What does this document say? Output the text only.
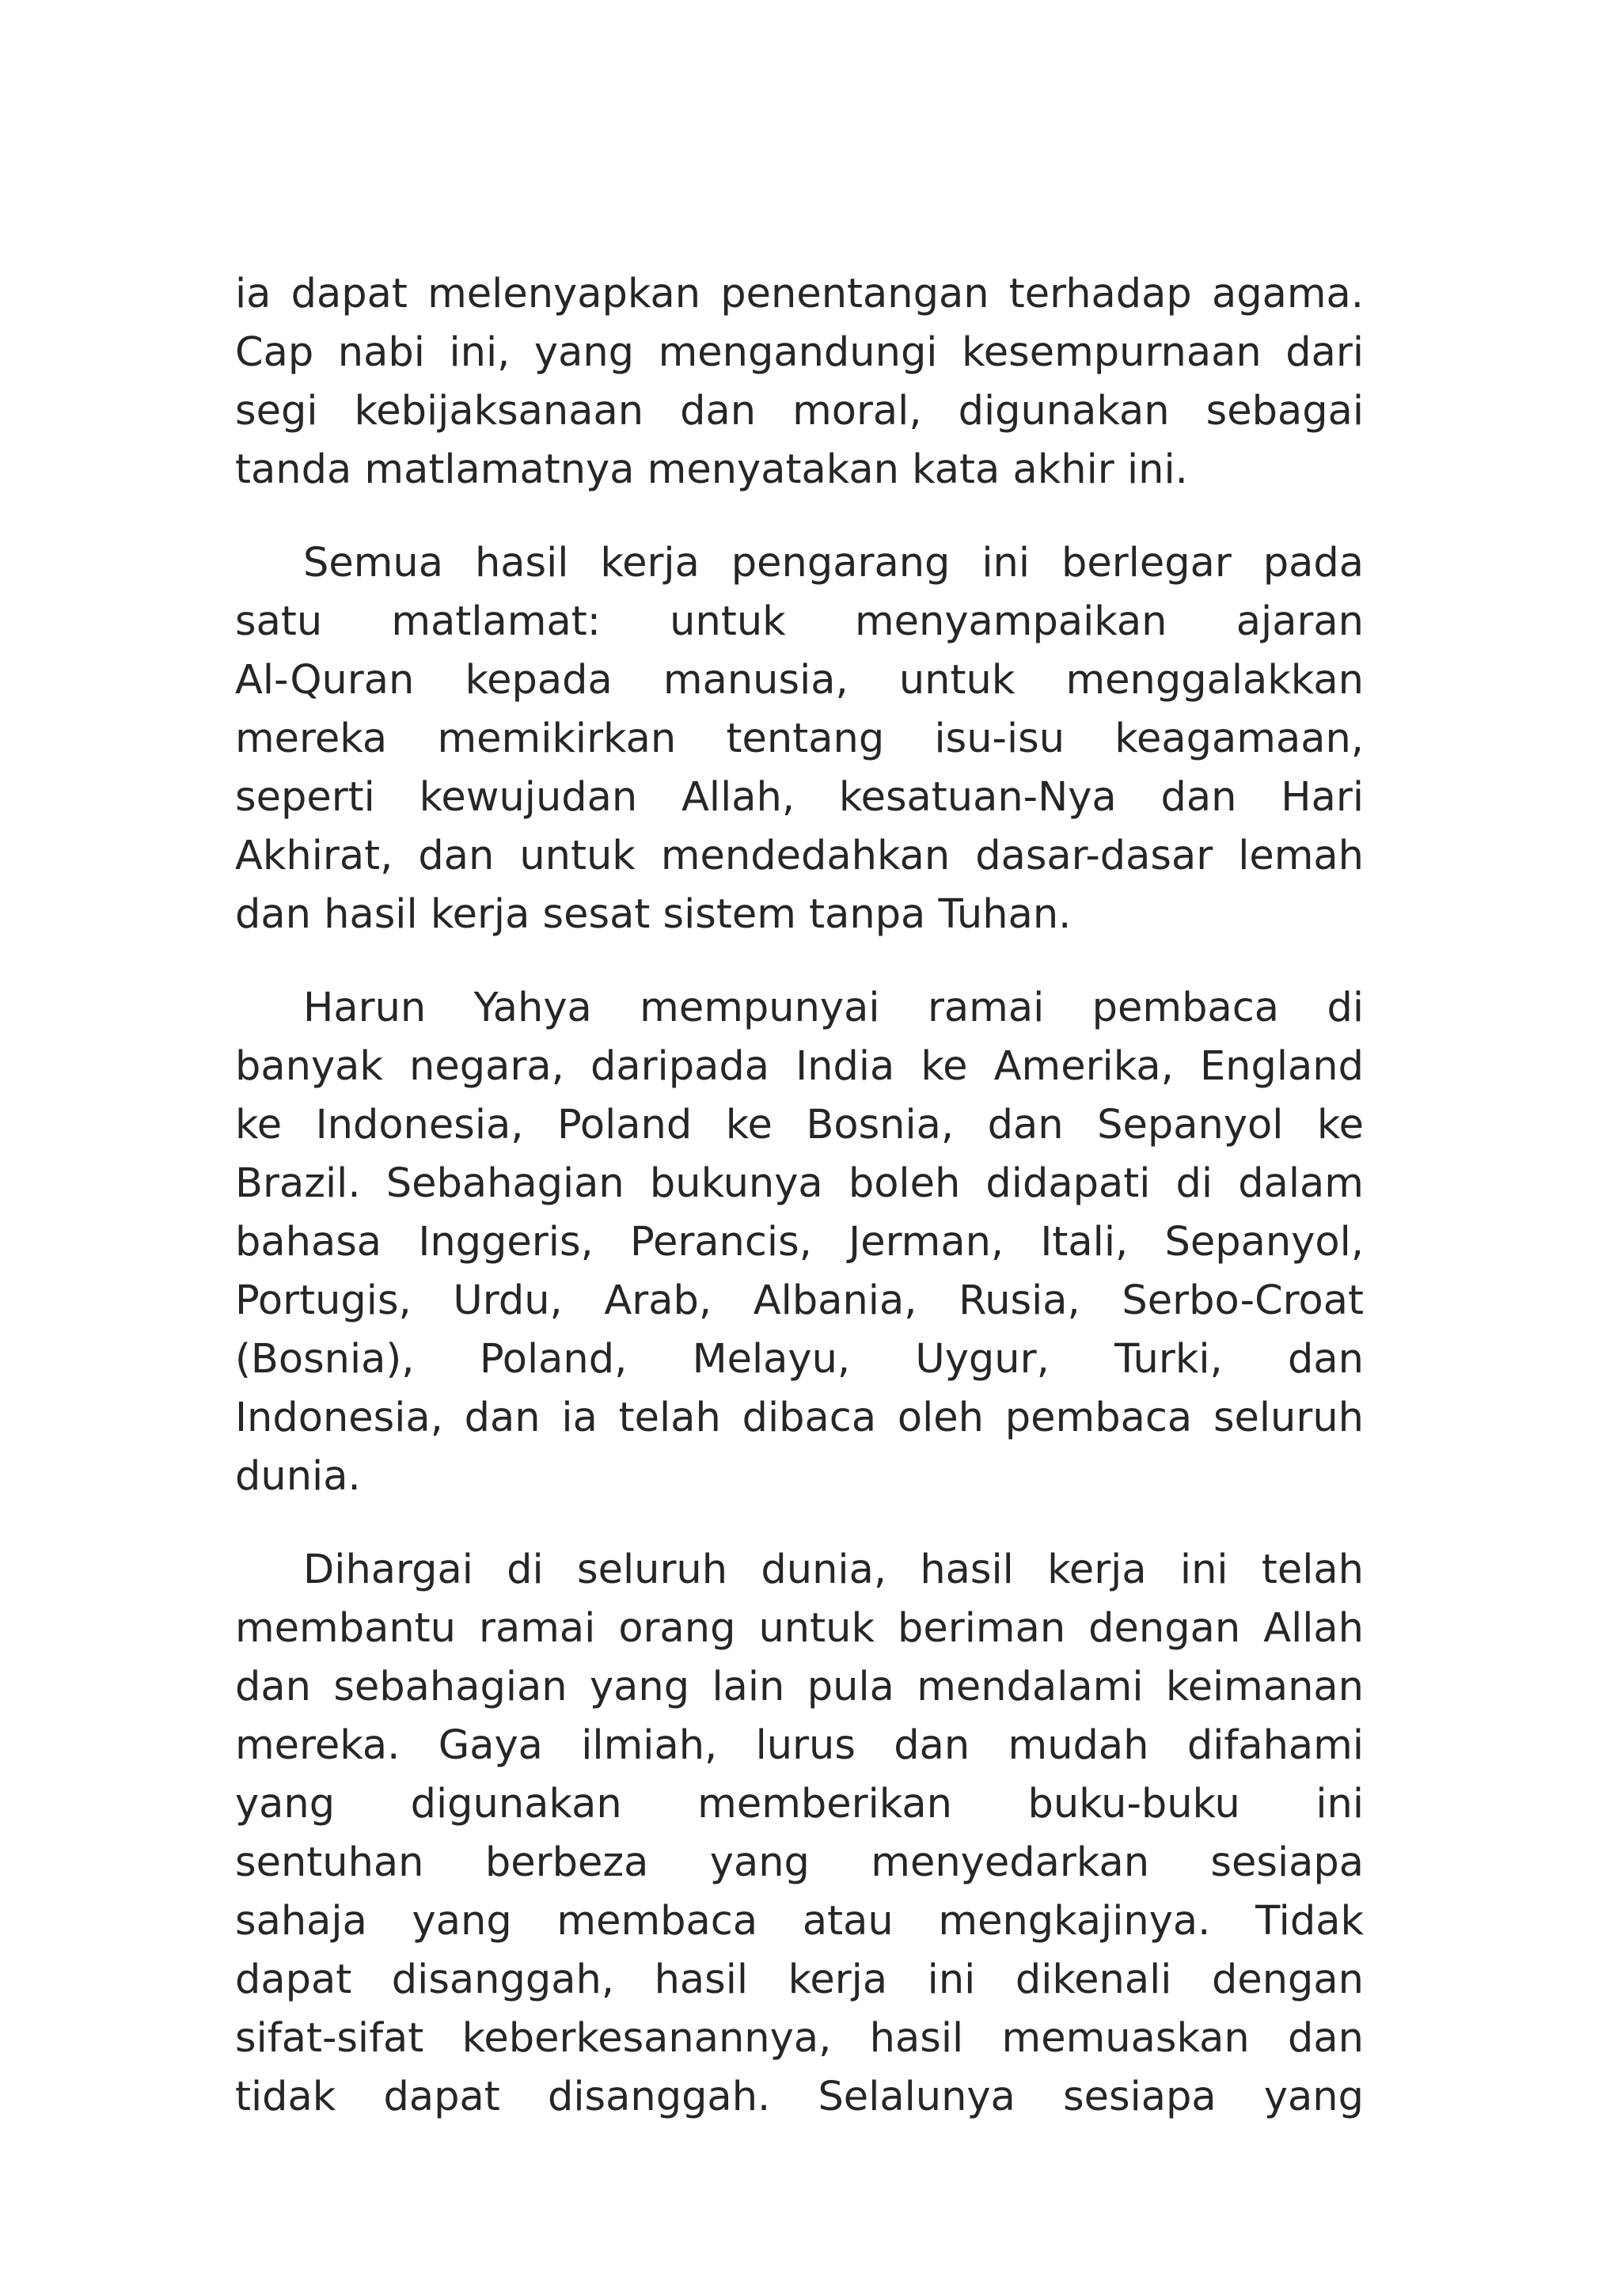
ia dapat melenyapkan penentangan terhadap agama.
Cap nabi ini, yang mengandungi kesempurnaan dari
segi kebijaksanaan dan moral, digunakan sebagai
tanda matlamatnya menyatakan kata akhir ini.

Semua hasil kerja pengarang ini berlegar pada
satu matlamat: untuk menyampaikan ajaran
Al-Quran kepada manusia, untuk menggalakkan
mereka memikirkan tentang isu-isu keagamaan,
seperti kewujudan Allah, kesatuan-Nya dan Hari
Akhirat, dan untuk mendedahkan dasar-dasar lemah
dan hasil kerja sesat sistem tanpa Tuhan.

Harun Yahya mempunyai ramai pembaca di
banyak negara, daripada India ke Amerika, England
ke Indonesia, Poland ke Bosnia, dan Sepanyol ke
Brazil. Sebahagian bukunya boleh didapati di dalam
bahasa Inggeris, Perancis, Jerman, Itali, Sepanyol,
Portugis, Urdu, Arab, Albania, Rusia, Serbo-Croat
(Bosnia), Poland, Melayu, Uygur, Turki, dan
Indonesia, dan ia telah dibaca oleh pembaca seluruh
dunia.

Dihargai di seluruh dunia, hasil kerja ini telah
membantu ramai orang untuk beriman dengan Allah
dan sebahagian yang lain pula mendalami keimanan
mereka. Gaya ilmiah, lurus dan mudah difahami
yang digunakan memberikan buku-buku ini
sentuhan berbeza yang menyedarkan sesiapa
sahaja yang membaca atau mengkajinya. Tidak
dapat disanggah, hasil kerja ini dikenali dengan
sifat-sifat keberkesanannya, hasil memuaskan dan
tidak dapat disanggah. Selalunya sesiapa yang
